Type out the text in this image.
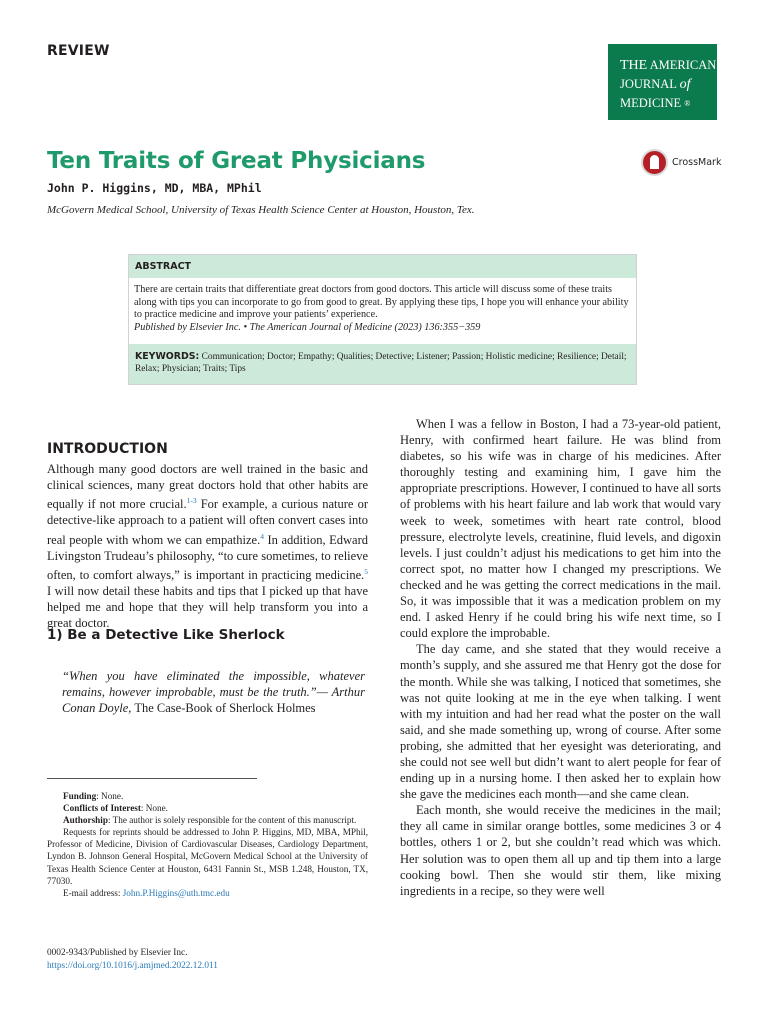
REVIEW
THE AMERICAN
JOURNAL of
MEDICINE ®
Ten Traits of Great Physicians	CrossMark
John P. Higgins, MD, MBA, MPhil
McGovern Medical School, University of Texas Health Science Center at Houston, Houston, Tex.
ABSTRACT
There are certain traits that differentiate great doctors from good doctors. This article will discuss some of these traits along with tips you can incorporate to go from good to great. By applying these tips, I hope you will enhance your ability to practice medicine and improve your patients’ experience.
Published by Elsevier Inc. • The American Journal of Medicine (2023) 136:355−359
KEYWORDS: Communication; Doctor; Empathy; Qualities; Detective; Listener; Passion; Holistic medicine; Resilience; Detail; Relax; Physician; Traits; Tips
INTRODUCTION

Although many good doctors are well trained in the basic and clinical sciences, many great doctors hold that other habits are equally if not more crucial.$^{1-3}$ For example, a curious nature or detective-like approach to a patient will often convert cases into real people with whom we can empathize.$^4$ In addition, Edward Livingston Trudeau’s philosophy, “to cure sometimes, to relieve often, to comfort always,” is important in practicing medicine.$^5$ I will now detail these habits and tips that I picked up that have helped me and hope that they will help transform you into a great doctor.

1) Be a Detective Like Sherlock
“When you have eliminated the impossible, whatever remains, however improbable, must be the truth.”— Arthur Conan Doyle, The Case-Book of Sherlock Holmes

Funding: None.

Conflicts of Interest: None.

Authorship: The author is solely responsible for the content of this manuscript.

Requests for reprints should be addressed to John P. Higgins, MD, MBA, MPhil, Professor of Medicine, Division of Cardiovascular Diseases, Cardiology Department, Lyndon B. Johnson General Hospital, McGovern Medical School at the University of Texas Health Science Center at Houston, 6431 Fannin St., MSB 1.248, Houston, TX, 77030.

E-mail address: John.P.Higgins@uth.tmc.edu

When I was a fellow in Boston, I had a 73-year-old patient, Henry, with confirmed heart failure. He was blind from diabetes, so his wife was in charge of his medicines. After thoroughly testing and examining him, I gave him the appropriate prescriptions. However, I continued to have all sorts of problems with his heart failure and lab work that would vary week to week, sometimes with heart rate control, blood pressure, electrolyte levels, creatinine, fluid levels, and digoxin levels. I just couldn’t adjust his medications to get him into the correct spot, no matter how I changed my prescriptions. We checked and he was getting the correct medications in the mail. So, it was impossible that it was a medication problem on my end. I asked Henry if he could bring his wife next time, so I could explore the improbable.

The day came, and she stated that they would receive a month’s supply, and she assured me that Henry got the dose for the month. While she was talking, I noticed that sometimes, she was not quite looking at me in the eye when talking. I went with my intuition and had her read what the poster on the wall said, and she made something up, wrong of course. After some probing, she admitted that her eyesight was deteriorating, and she could not see well but didn’t want to alert people for fear of ending up in a nursing home. I then asked her to explain how she gave the medicines each month—and she came clean.

Each month, she would receive the medicines in the mail; they all came in similar orange bottles, some medicines 3 or 4 bottles, others 1 or 2, but she couldn’t read which was which. Her solution was to open them all up and tip them into a large cooking bowl. Then she would stir them, like mixing ingredients in a recipe, so they were well

0002-9343/Published by Elsevier Inc.
https://doi.org/10.1016/j.amjmed.2022.12.011
